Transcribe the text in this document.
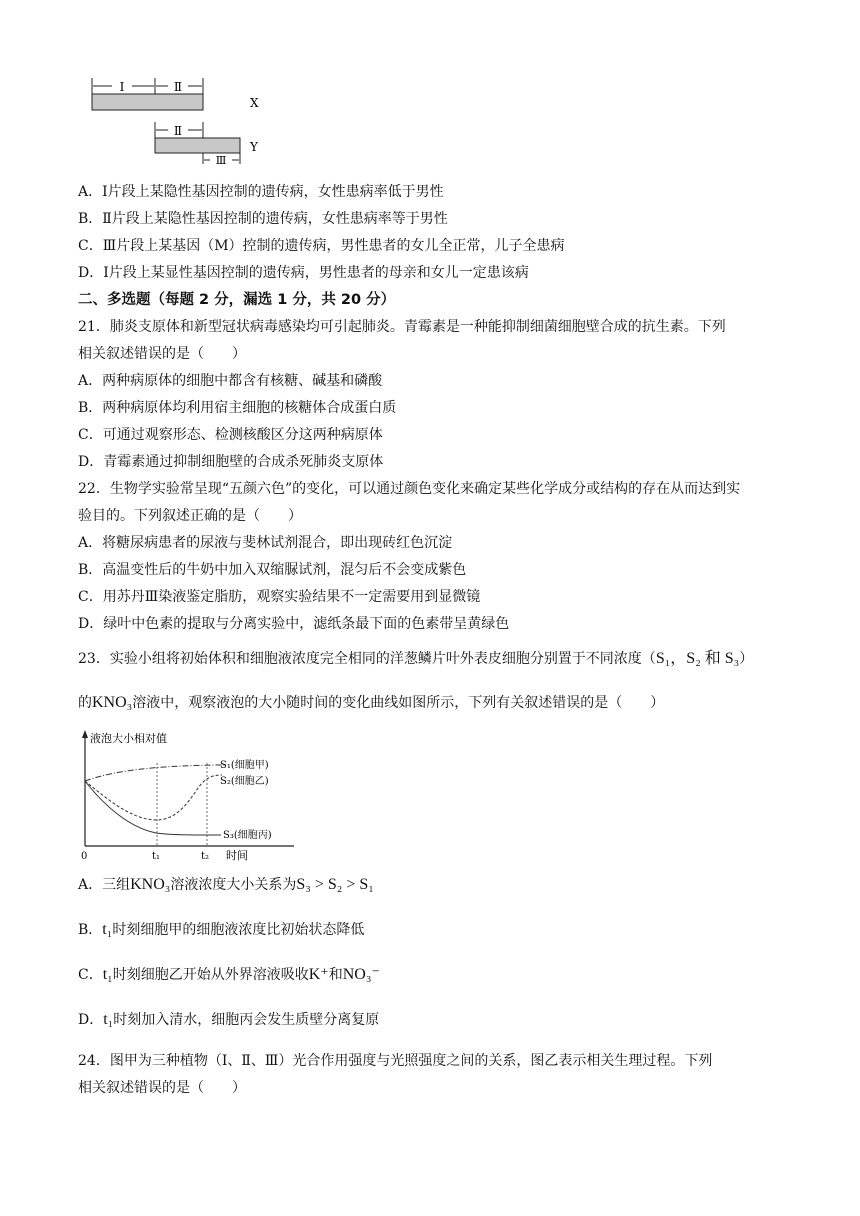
Ⅰ	Ⅱ
X
Ⅱ
Y
Ⅲ
A．Ⅰ片段上某隐性基因控制的遗传病，女性患病率低于男性
B．Ⅱ片段上某隐性基因控制的遗传病，女性患病率等于男性
C．Ⅲ片段上某基因（M）控制的遗传病，男性患者的女儿全正常，儿子全患病
D．Ⅰ片段上某显性基因控制的遗传病，男性患者的母亲和女儿一定患该病
二、多选题（每题 2 分，漏选 1 分，共 20 分）
21．肺炎支原体和新型冠状病毒感染均可引起肺炎。青霉素是一种能抑制细菌细胞壁合成的抗生素。下列
相关叙述错误的是（　　）
A．两种病原体的细胞中都含有核糖、碱基和磷酸
B．两种病原体均利用宿主细胞的核糖体合成蛋白质
C．可通过观察形态、检测核酸区分这两种病原体
D．青霉素通过抑制细胞壁的合成杀死肺炎支原体
22．生物学实验常呈现“五颜六色”的变化，可以通过颜色变化来确定某些化学成分或结构的存在从而达到实
验目的。下列叙述正确的是（　　）
A．将糖尿病患者的尿液与斐林试剂混合，即出现砖红色沉淀
B．高温变性后的牛奶中加入双缩脲试剂，混匀后不会变成紫色
C．用苏丹Ⅲ染液鉴定脂肪，观察实验结果不一定需要用到显微镜
D．绿叶中色素的提取与分离实验中，滤纸条最下面的色素带呈黄绿色
23．实验小组将初始体积和细胞液浓度完全相同的洋葱鳞片叶外表皮细胞分别置于不同浓度（S₁，S₂ 和 S₃）
的KNO₃溶液中，观察液泡的大小随时间的变化曲线如图所示，下列有关叙述错误的是（　　）
液泡大小相对值
0	t₁	t₂ 时间
S₁(细胞甲)
S₂(细胞乙)
S₃(细胞丙)
A．三组KNO₃溶液浓度大小关系为S₃ > S₂ > S₁
B．t₁时刻细胞甲的细胞液浓度比初始状态降低
C．t₁时刻细胞乙开始从外界溶液吸收K⁺和NO₃⁻
D．t₁时刻加入清水，细胞丙会发生质壁分离复原
24．图甲为三种植物（Ⅰ、Ⅱ、Ⅲ）光合作用强度与光照强度之间的关系，图乙表示相关生理过程。下列
相关叙述错误的是（　　）
